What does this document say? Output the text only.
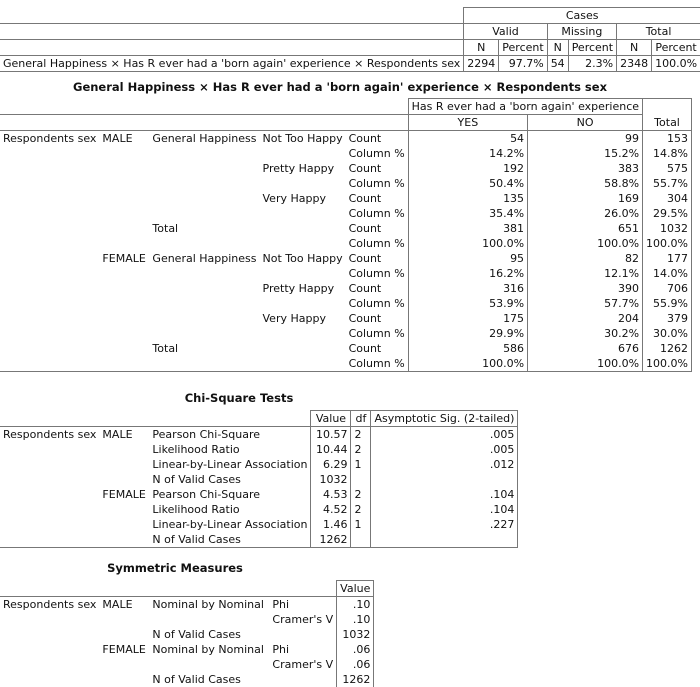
	Cases					
	Valid		Missing		Total	
	N	Percent	N	Percent	N	Percent
General Happiness × Has R ever had a 'born again' experience × Respondents sex	2294	97.7%	54	2.3%	2348	100.0%
General Happiness × Has R ever had a 'born again' experience × Respondents sex
					Has R ever had a 'born again' experience		
					YES	NO	Total
Respondents sex	MALE	General Happiness	Not Too Happy	Count	54	99	153
				Column %	14.2%	15.2%	14.8%
			Pretty Happy	Count	192	383	575
				Column %	50.4%	58.8%	55.7%
			Very Happy	Count	135	169	304
				Column %	35.4%	26.0%	29.5%
		Total		Count	381	651	1032
				Column %	100.0%	100.0%	100.0%
	FEMALE	General Happiness	Not Too Happy	Count	95	82	177
				Column %	16.2%	12.1%	14.0%
			Pretty Happy	Count	316	390	706
				Column %	53.9%	57.7%	55.9%
			Very Happy	Count	175	204	379
				Column %	29.9%	30.2%	30.0%
		Total		Count	586	676	1262
				Column %	100.0%	100.0%	100.0%
Chi-Square Tests
			Value	df	Asymptotic Sig. (2-tailed)
Respondents sex	MALE	Pearson Chi-Square	10.57	2	.005
		Likelihood Ratio	10.44	2	.005
		Linear-by-Linear Association	6.29	1	.012
		N of Valid Cases	1032		
	FEMALE	Pearson Chi-Square	4.53	2	.104
		Likelihood Ratio	4.52	2	.104
		Linear-by-Linear Association	1.46	1	.227
		N of Valid Cases	1262		
Symmetric Measures
				Value
Respondents sex	MALE	Nominal by Nominal	Phi	.10
			Cramer's V	.10
		N of Valid Cases		1032
	FEMALE	Nominal by Nominal	Phi	.06
			Cramer's V	.06
		N of Valid Cases		1262
